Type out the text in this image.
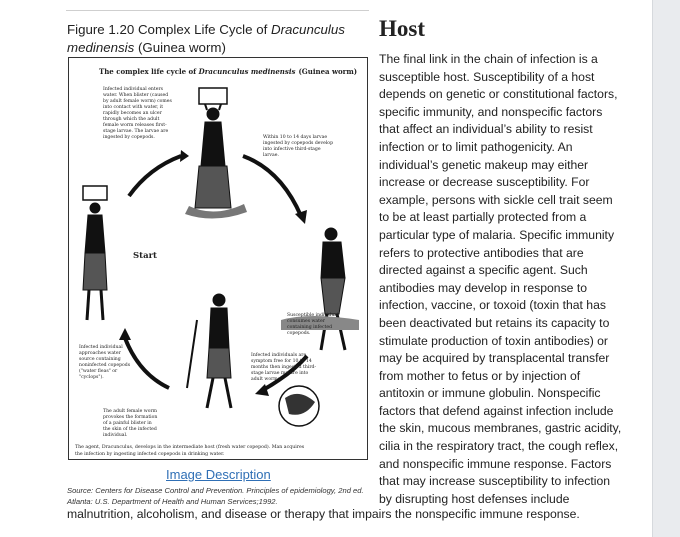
Figure 1.20 Complex Life Cycle of Dracunculus medinensis (Guinea worm)
The complex life cycle of Dracunculus medinensis (Guinea worm)
Start
Infected individual enters
water. When blister (caused
by adult female worm) comes
into contact with water, it
rapidly becomes an ulcer
through which the adult
female worm releases first-
stage larvae. The larvae are
ingested by copepods.	Within 10 to 14 days larvae
ingested by copepods develop
into infective third-stage
larvae.
Susceptible individual
consumes water
containing infected
copepods.
Infected individual
approaches water
source containing
noninfected copepods
("water fleas" or
"cyclops").
Infected individuals are
symptom free for 10 to 14
months then ingested third-
stage larvae mature into
adult worms.
The adult female worm
provokes the formation
of a painful blister in
the skin of the infected
individual.
The agent, Dracunculus, develops in the intermediate host (fresh water copepod). Man acquires
the infection by ingesting infected copepods in drinking water.
Image Description
Source: Centers for Disease Control and Prevention. Principles of epidemiology, 2nd ed.
Atlanta: U.S. Department of Health and Human Services;1992.
Host
The final link in the chain of infection is a
susceptible host. Susceptibility of a host
depends on genetic or constitutional factors,
specific immunity, and nonspecific factors
that affect an individual’s ability to resist
infection or to limit pathogenicity. An
individual’s genetic makeup may either
increase or decrease susceptibility. For
example, persons with sickle cell trait seem
to be at least partially protected from a
particular type of malaria. Specific immunity
refers to protective antibodies that are
directed against a specific agent. Such
antibodies may develop in response to
infection, vaccine, or toxoid (toxin that has
been deactivated but retains its capacity to
stimulate production of toxin antibodies) or
may be acquired by transplacental transfer
from mother to fetus or by injection of
antitoxin or immune globulin. Nonspecific
factors that defend against infection include
the skin, mucous membranes, gastric acidity,
cilia in the respiratory tract, the cough reflex,
and nonspecific immune response. Factors
that may increase susceptibility to infection
by disrupting host defenses include
malnutrition, alcoholism, and disease or therapy that impairs the nonspecific immune response.
